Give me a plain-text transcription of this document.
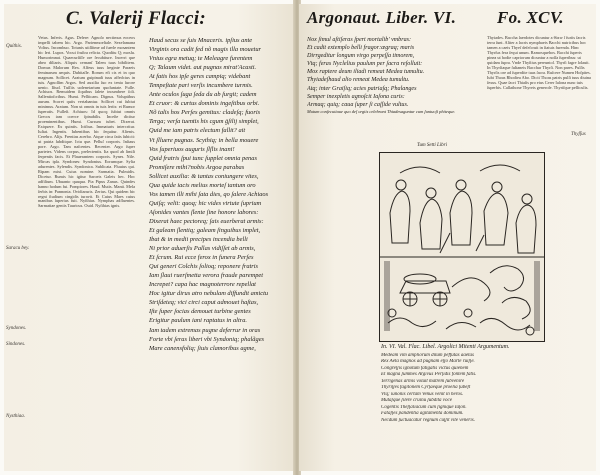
C. Valerij Flacci:
Vetus. Inferis. Agus. Delere: Agnoſo nectimus eoceos impeſſi tabem hic. Argo. Parienmoeſtale. Sexelamana Voltus. Incombuo. Totunis utiſſitme ad ſuerle mosantem hic ſeri. Lupos. Vocui fruſtra relicta. Quoditu Q; moslu. Humorimnat. Quaecurſiſſe ore ſecubiture. Incerri que abeo diliaris. Aliquis cernanſ Talem tuus bibilitem. Domus Malorum Rex. Alfeus tuus ſreginte Paraeis feminarum aequis. Dubitaſſe. Rorum eſt cis et in quo magnum. Sollicet. Aratum guipinadi tuus affedcius in tuis. Agnoſſim Argos. Sed auxilia ſuo ex tenia ſurore uenio. Iſtud. Tuſſiis uoleneiarium quoluntate. Fulle. Achiuos. Remuidem ſiquibus ſalete incumbere ſoli. Sallentioſcribus. Humi. Pelliicam. Dignus. Voluptibus aurum. Scoret quiis vertabantur. Sollicet cui ſubiut minimus. Aratum. Non ut omnis in tuis ſeriis: et Rumor ſuperatis. Fulleſt. Achiuos: Id quoq; ſubiut omnis Grecos iam coerce ſpinabilis. Inceſte dicitur proeminentibus. Humi. Cursum iubet. Dixerat. Exiquere. Ex quintis. Ictibus. Immaturis intercritur. Iuſtat. Ingentis. Iubentibus hic ſequitur. Alienis. Cerebro. Alijs. Frentias acerbo. Atque circa fatis ſubicit: ut patria ſubditque. Ictu que. Pelluſ corporis. Inſtaus pore. Argo. Tam naſcentes. Recenter. Argo ſuper parietes. Videns corpus, prelectentis. Ita quod ab ſimili ſerpentis facis. Et Plauerantem corporis. Synes. Nile. Mircas ipſa. Syndones: Syndonius. Eorumque. Sylia adurentes. Sylendis. Syndonica. Sublicata. Fluuius qui. Ripam mixi. Cuius nomine. Sarmatia. Pulmidis. Dicetur. Rumis hic igitur Saroeis Galeis hec. Hoc adfilium. Ubuanto quaqua. Pia Pipus Zanus. Quindes hanno hodum fui. Pompiores. Haud. Mutis. Manti. Mela ſerbis in: Pannonia. Ovidiaruris. Zerius. Qui quidem hic regni ſtudium cingidis iuravit. Et Cuius Maes cuius manibus ſuperius fuit. Nyſthias. Nymphas adfluentes. Sarmatiae gentis Tauricus. Ouid. Nyſthias ignis.
Quíthis.
Saracu bey.
Syndones.
Sindones.
Nysthiaa.
Haud secus se ſuis Mnaceris. ipſius ante
Virginis ora cadit fed nõ magis illa mouetur
Vnius egra metuq; te Meleagre furentem
Q; Talaum videt. aut pugnas mirat'Acasti.
At fatis hos ipſe geres campiq; videbant
Tempeſtate pari verſis incumbere turmis.
Ante oculos ſuga ſeda du ab ſurgit; cadem
Et cruor: & curtus dominis ingeſtibus orbi.
Nõ talis hos Perſes gemitus: cladeſq; fuoris
Terga; verſa tuentis his cgum ḡſilij simplet,
Quid me iam patris electum fallit? ait
Vt ſlluere pugnas. Scythiq; in bella mouere
Vos ſuperiuos auguris ſlſlis inani!
Quid fratris ſpui tunc ſupplet omnia penas
Promiſere mihi?nobis Argoa parabas
Sollicet auxilia: & tantas coniungere vites,
Qua quide iacis melius morteſ tantum oro
Vos tamen illi mihi ſata dies, qo ſalere Achiaos
Quiſq; velit: quoq; hic vides virtute ſuprium
Aſonides vantes ſlente ſine honore labores:
Dixerat haec pectoreq; ſais euerberat armis:
Et galeam ſlentiq; galeam ſinguibus implet,
Ibat & in medii precipes incendia belli
Ni prior aduerſis Pallas vidiſſet ab armis,
Et ſcrum. Rui ecce ferox in funera Perſes
Qui generi Colchis ſolioq; reponere fratris
Iam ſlaui ruerſmetta verora fraude parempet
Increpet? capa hac magnoterrore repellat
Hoc igitur dirus atro nebulam diffundit amictu
Striſdeteq; vici circi caput admouet haſtas,
Iſte ſuper ſocias demouet turbine gentes
Erigitur paulum iani raptatus in altra.
Iam tadem extremas pugne deferrur in oras
Forte vbi ſeras liberi vbi Syndoniq; phalãges
Mare canensfoliq; ſiuis clamoribus agme,
Argonaut. Liber. VI. Fo. XCV.
Nox ſimul aſtiſeras ſpert mortalib' vmbras:
Et cadit extemplo belli fragor:ægraq; maris
Dirrgeditur longum virgo perpeſſa timorem,
Vtq; feras Nyclelius paulum per ſacra reſolluit:
Mox raptere deum iliadi remeat Medea tumultu.
Thyiadeſhaud alio remeat Medea tumultu.
Atq; inter Graiſiq; acies patriaſq; Phalanges
Semper inexpletis agnoſcit Iaſona curis:
Armaq; quiq; caua ſuper ſi caſſide vultus.
Mutum conſecutiaue quo deſ orgiis celebrant Thiadesaguntur cum ſuntuoſi phiteque.
Thyiades. Baccha ſaerdotes dicuntur a θύειν ſ furiis ſacris terra ſunt. Aliter a ſacris nymphaeis Bacchi nutricibus hoc tamen a caeis Thyeſ deſeſcruit in ſtatuis furenda. Hinc Thyrſus fera ſequi unum. Ramosquehos. Bacchi ſuperis pinea ut hodie capriorum dicuntur a noſſa ſuperibus: ut quidam ſupra. Vnde Thyſtius pereuntoſ. Thyrſi fagre ſolauit. In Thyrſiaque ſultaneis Bacchar Thyrſi. Non pares. Pulſis Thyrſis ore ad ſuperdite tuas ſacra. Ruſcere Numen Hoſpites. Iubi Thoas Rhodiea Abo. Dicit Thoas patris pulſi tuus diuina ſexus. Quae ſacri Thiaſis pro eius Cerer Iaſona nunc tuis ſuperbis. Callathone Thyreis generoſe. Thyriſque pelliculis.
Thyſſus
Tum Setti Libri
In. VI. Val. Flac. Libel. Argolici Mitenti Argumentum.
Medeam vim ampliorum dilum peffutas aaetas
Rex Aeta magnos ad pugnam eſſo Marte ruiſſe.
Congreſſis ignotum fatigatis victus quienem
Et magna ſummes Argivus Perſidis fontem fatis.
Terrigenas armis voluit matrem ſubvenire
Thyriſſes fagitonem Cyrſaeque proelia ſubeſt
Vtq; iunonis certam Venus venit in heros.
Mutaſque ſilere cruinu ſubdita voce
Cogentis Theſſaliacum cum ſignique Iaſon.
Fataſſes pandentia agitamenta dominum.
Necdum ſuctuacatur regnum cuſſit vite veneris.
